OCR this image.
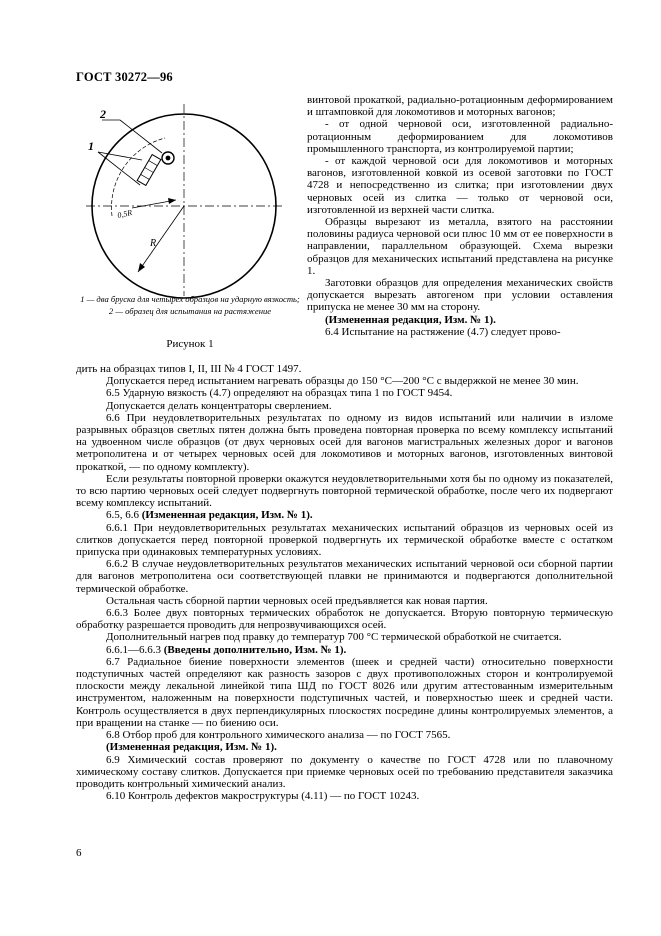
ГОСТ 30272—96
2
1
0,5R
R
1 — два бруска для четырех образцов на ударную вязкость; 2 — образец для испытания на растяжение
Рисунок 1

винтовой прокаткой, радиально-ротационным деформированием и штамповкой для локомотивов и моторных вагонов;

- от одной черновой оси, изготовленной радиально-ротационным деформированием для локомотивов промышленного транспорта, из контролируемой партии;

- от каждой черновой оси для локомотивов и моторных вагонов, изготовленной ковкой из осевой заготовки по ГОСТ 4728 и непосредственно из слитка; при изготовлении двух черновых осей из слитка — только от черновой оси, изготовленной из верхней части слитка.

Образцы вырезают из металла, взятого на расстоянии половины радиуса черновой оси плюс 10 мм от ее поверхности в направлении, параллельном образующей. Схема вырезки образцов для механических испытаний представлена на рисунке 1.

Заготовки образцов для определения механических свойств допускается вырезать автогеном при условии оставления припуска не менее 30 мм на сторону.

(Измененная редакция, Изм. № 1).

6.4 Испытание на растяжение (4.7) следует прово-

дить на образцах типов I, II, III № 4 ГОСТ 1497.

Допускается перед испытанием нагревать образцы до 150 °С—200 °С с выдержкой не менее 30 мин.

6.5 Ударную вязкость (4.7) определяют на образцах типа 1 по ГОСТ 9454.

Допускается делать концентраторы сверлением.

6.6 При неудовлетворительных результатах по одному из видов испытаний или наличии в изломе разрывных образцов светлых пятен должна быть проведена повторная проверка по всему комплексу испытаний на удвоенном числе образцов (от двух черновых осей для вагонов магистральных железных дорог и вагонов метрополитена и от четырех черновых осей для локомотивов и моторных вагонов, изготовленных винтовой прокаткой, — по одному комплекту).

Если результаты повторной проверки окажутся неудовлетворительными хотя бы по одному из показателей, то всю партию черновых осей следует подвергнуть повторной термической обработке, после чего их подвергают всему комплексу испытаний.

6.5, 6.6 (Измененная редакция, Изм. № 1).

6.6.1 При неудовлетворительных результатах механических испытаний образцов из черновых осей из слитков допускается перед повторной проверкой подвергнуть их термической обработке вместе с остатком припуска при одинаковых температурных условиях.

6.6.2 В случае неудовлетворительных результатов механических испытаний черновой оси сборной партии для вагонов метрополитена оси соответствующей плавки не принимаются и подвергаются дополнительной термической обработке.

Остальная часть сборной партии черновых осей предъявляется как новая партия.

6.6.3 Более двух повторных термических обработок не допускается. Вторую повторную термическую обработку разрешается проводить для непрозвучивающихся осей.

Дополнительный нагрев под правку до температур 700 °С термической обработкой не считается.

6.6.1—6.6.3 (Введены дополнительно, Изм. № 1).

6.7 Радиальное биение поверхности элементов (шеек и средней части) относительно поверхности подступичных частей определяют как разность зазоров с двух противоположных сторон и контролируемой плоскости между лекальной линейкой типа ШД по ГОСТ 8026 или другим аттестованным измерительным инструментом, наложенным на поверхности подступичных частей, и поверхностью шеек и средней части. Контроль осуществляется в двух перпендикулярных плоскостях посредине длины контролируемых элементов, а при вращении на станке — по биению оси.

6.8 Отбор проб для контрольного химического анализа — по ГОСТ 7565.

(Измененная редакция, Изм. № 1).

6.9 Химический состав проверяют по документу о качестве по ГОСТ 4728 или по плавочному химическому составу слитков. Допускается при приемке черновых осей по требованию представителя заказчика проводить контрольный химический анализ.

6.10 Контроль дефектов макроструктуры (4.11) — по ГОСТ 10243.

6
